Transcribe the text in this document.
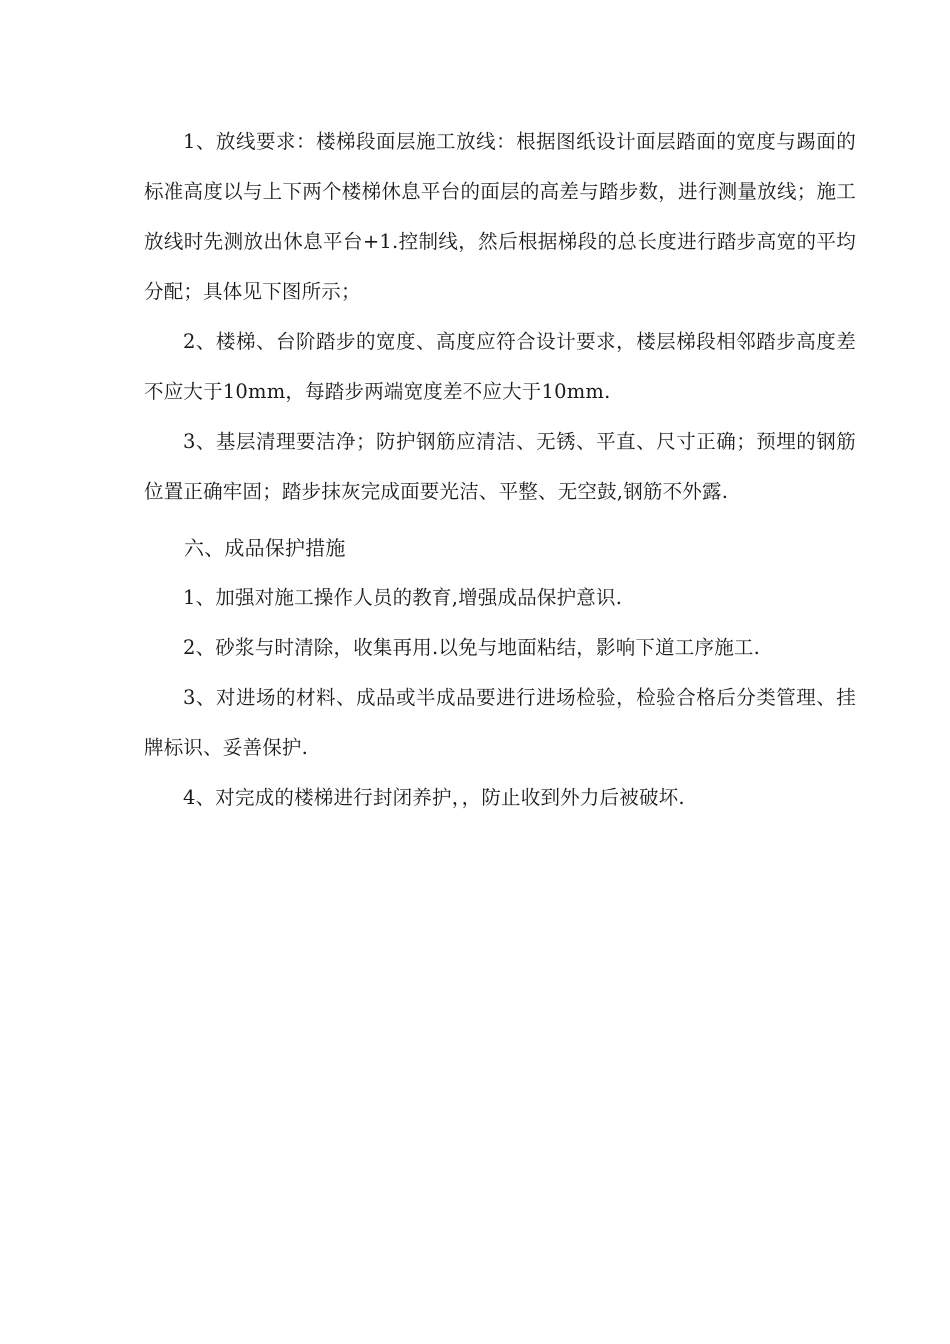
1、放线要求：楼梯段面层施工放线：根据图纸设计面层踏面的宽度与踢面的标准高度以与上下两个楼梯休息平台的面层的高差与踏步数，进行测量放线；施工放线时先测放出休息平台+1.控制线，然后根据梯段的总长度进行踏步高宽的平均分配；具体见下图所示；

2、楼梯、台阶踏步的宽度、高度应符合设计要求，楼层梯段相邻踏步高度差不应大于10mm，每踏步两端宽度差不应大于10mm.

3、基层清理要洁净；防护钢筋应清洁、无锈、平直、尺寸正确；预埋的钢筋位置正确牢固；踏步抹灰完成面要光洁、平整、无空鼓,钢筋不外露.

六、成品保护措施

1、加强对施工操作人员的教育,增强成品保护意识.

2、砂浆与时清除，收集再用.以免与地面粘结，影响下道工序施工.

3、对进场的材料、成品或半成品要进行进场检验，检验合格后分类管理、挂牌标识、妥善保护.

4、对完成的楼梯进行封闭养护，，防止收到外力后被破坏.
